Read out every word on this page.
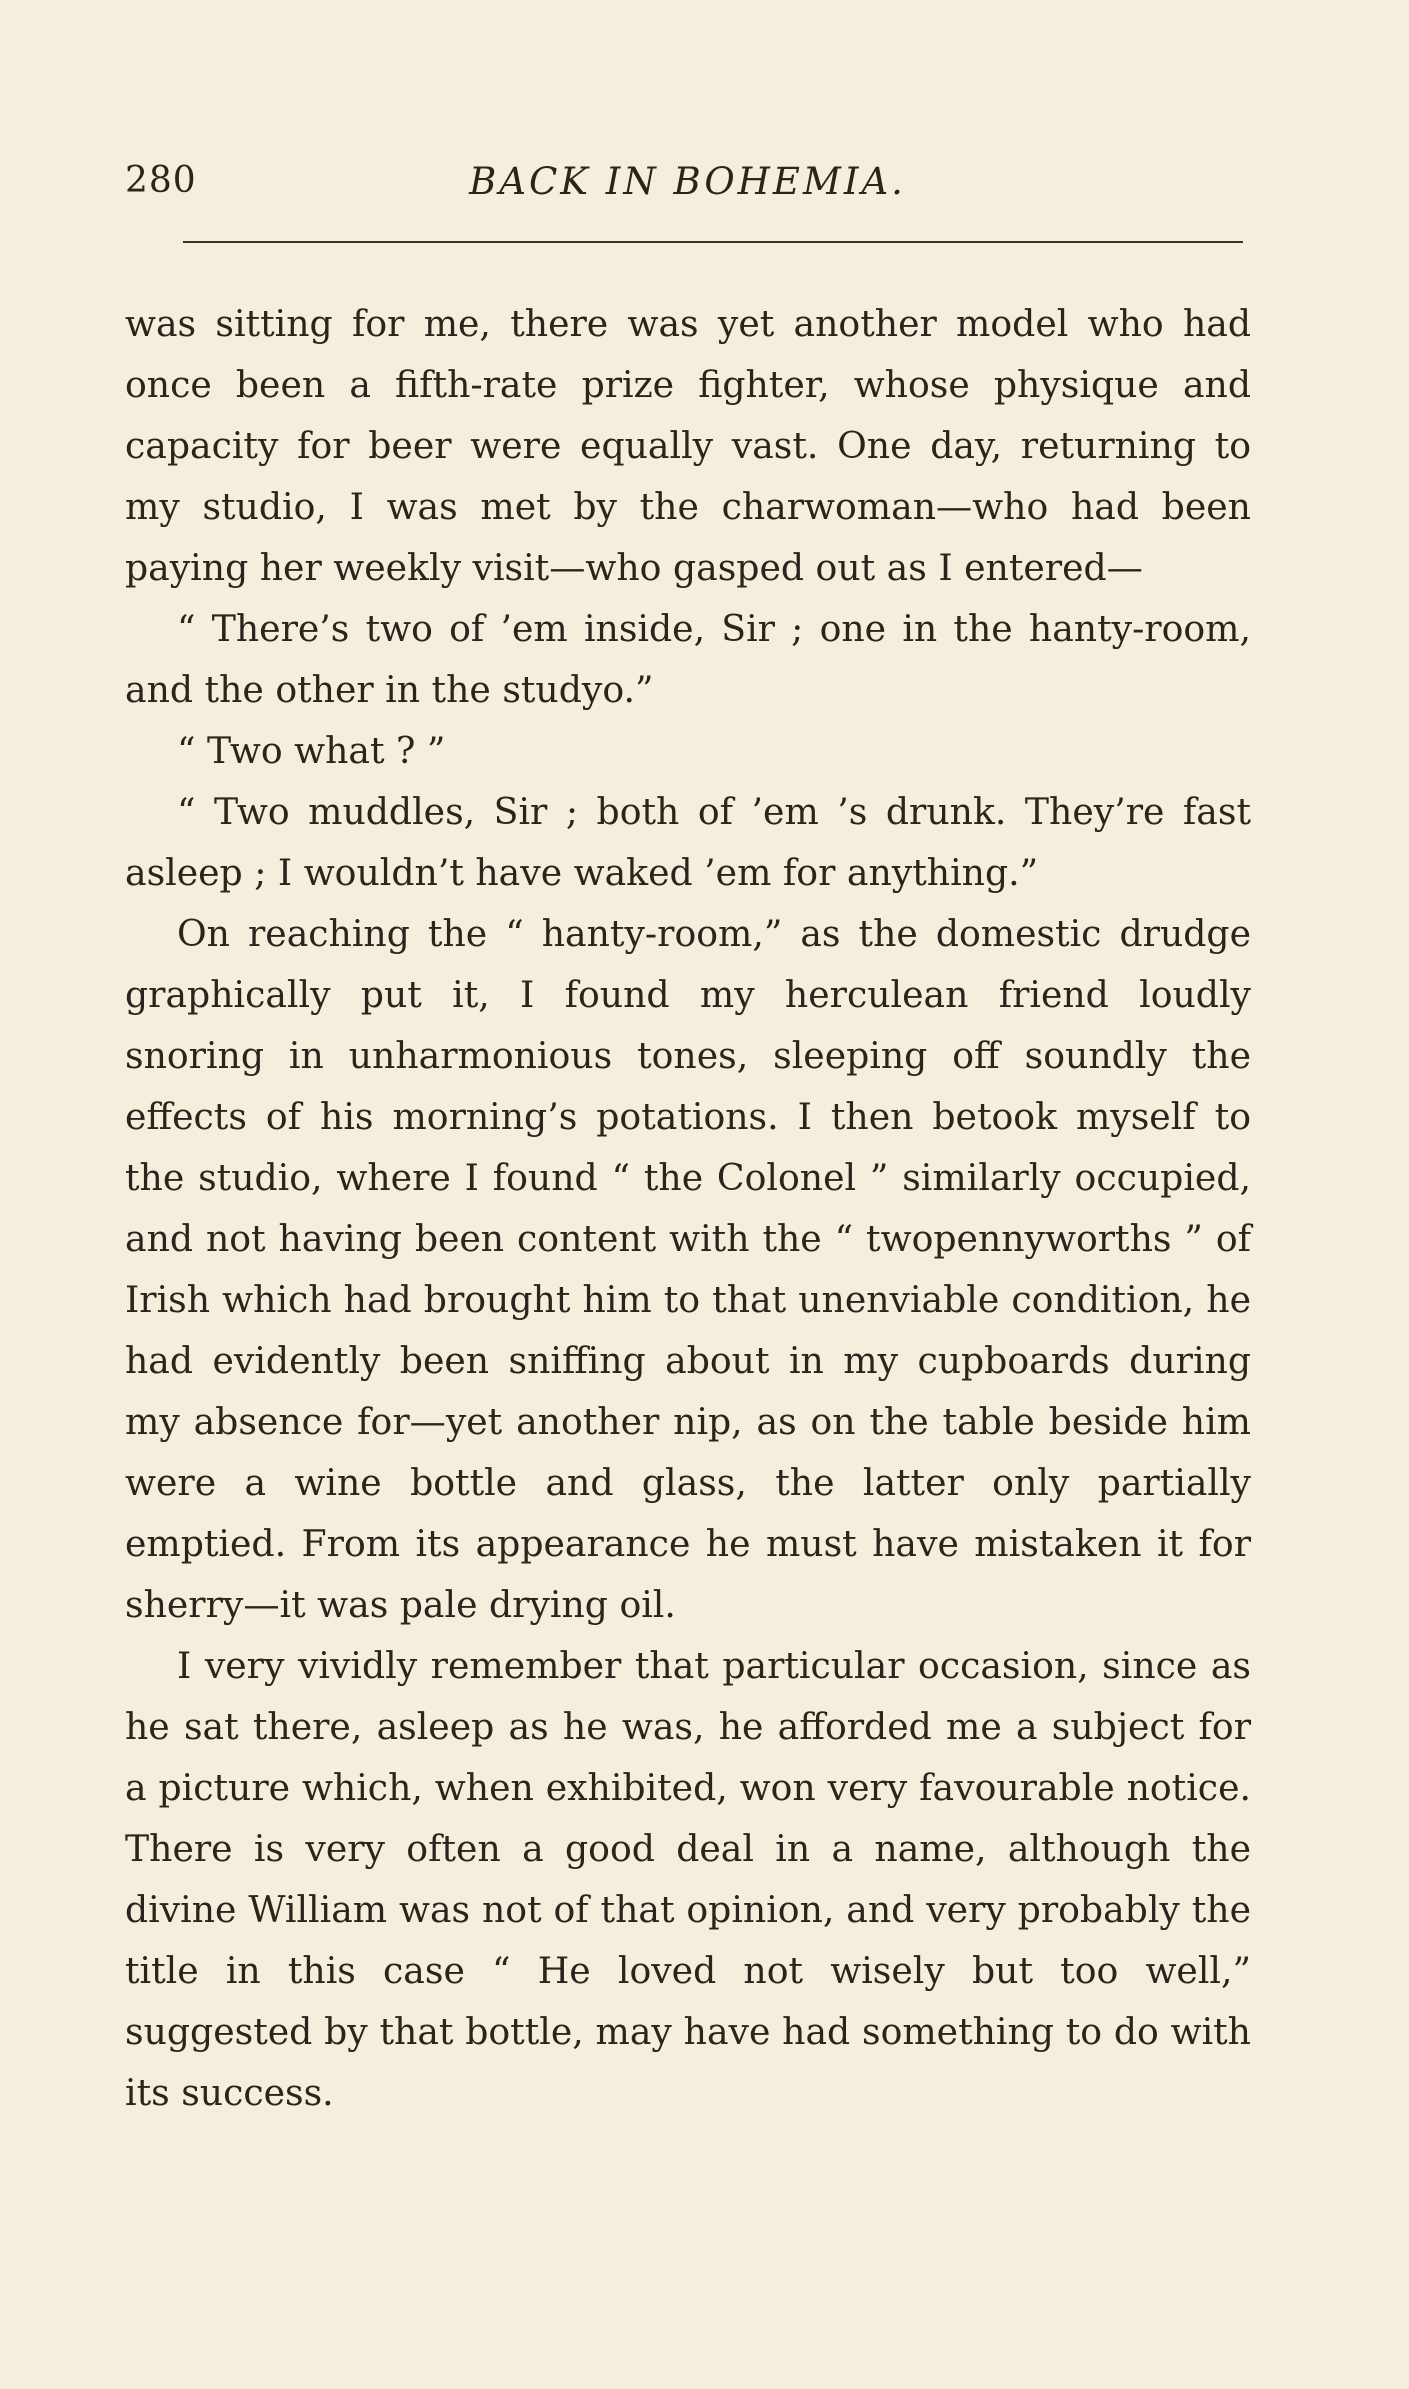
280	BACK IN BOHEMIA.

was sitting for me, there was yet another model who had once been a fifth-rate prize fighter, whose physique and capacity for beer were equally vast. One day, returning to my studio, I was met by the charwoman—who had been paying her weekly visit—who gasped out as I entered—

“ There’s two of ’em inside, Sir ; one in the hanty-room, and the other in the studyo.”

“ Two what ? ”

“ Two muddles, Sir ; both of ’em ’s drunk. They’re fast asleep ; I wouldn’t have waked ’em for anything.”

On reaching the “ hanty-room,” as the domestic drudge graphically put it, I found my herculean friend loudly snoring in unharmonious tones, sleeping off soundly the effects of his morning’s potations. I then betook myself to the studio, where I found “ the Colonel ” similarly occupied, and not having been content with the “ twopennyworths ” of Irish which had brought him to that unenviable condition, he had evidently been sniffing about in my cupboards during my absence for—yet another nip, as on the table beside him were a wine bottle and glass, the latter only partially emptied. From its appearance he must have mistaken it for sherry—it was pale drying oil.

I very vividly remember that particular occasion, since as he sat there, asleep as he was, he afforded me a subject for a picture which, when exhibited, won very favourable notice. There is very often a good deal in a name, although the divine William was not of that opinion, and very probably the title in this case “ He loved not wisely but too well,” suggested by that bottle, may have had something to do with its success.
